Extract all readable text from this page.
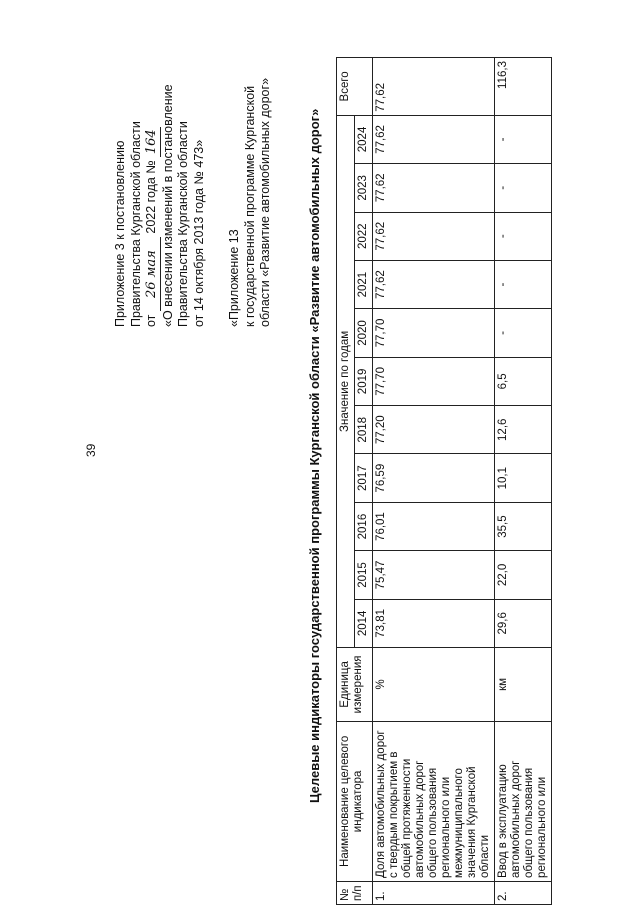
39
Приложение 3 к постановлению Правительства Курганской области от 26 мая 2022 года № 164 «О внесении изменений в постановление Правительства Курганской области от 14 октября 2013 года № 473» «Приложение 13 к государственной программе Курганской области «Развитие автомобильных дорог»	Целевые индикаторы государственной программы Курганской области «Развитие автомобильных дорог»
№ п/п	Наименование целевого индикатора	Единица измерения	Значение по годам											Всего
			2014	2015	2016	2017	2018	2019	2020	2021	2022	2023	2024	
1.	Доля автомобильных дорог с твердым покрытием в общей протяженности автомобильных дорог общего пользования регионального или межмуниципального значения Курганской области	%	73,81	75,47	76,01	76,59	77,20	77,70	77,70	77,62	77,62	77,62	77,62	77,62
2.	Ввод в эксплуатацию автомобильных дорог общего пользования регионального или	км	29,6	22,0	35,5	10,1	12,6	6,5	-	-	-	-	-	116,3
